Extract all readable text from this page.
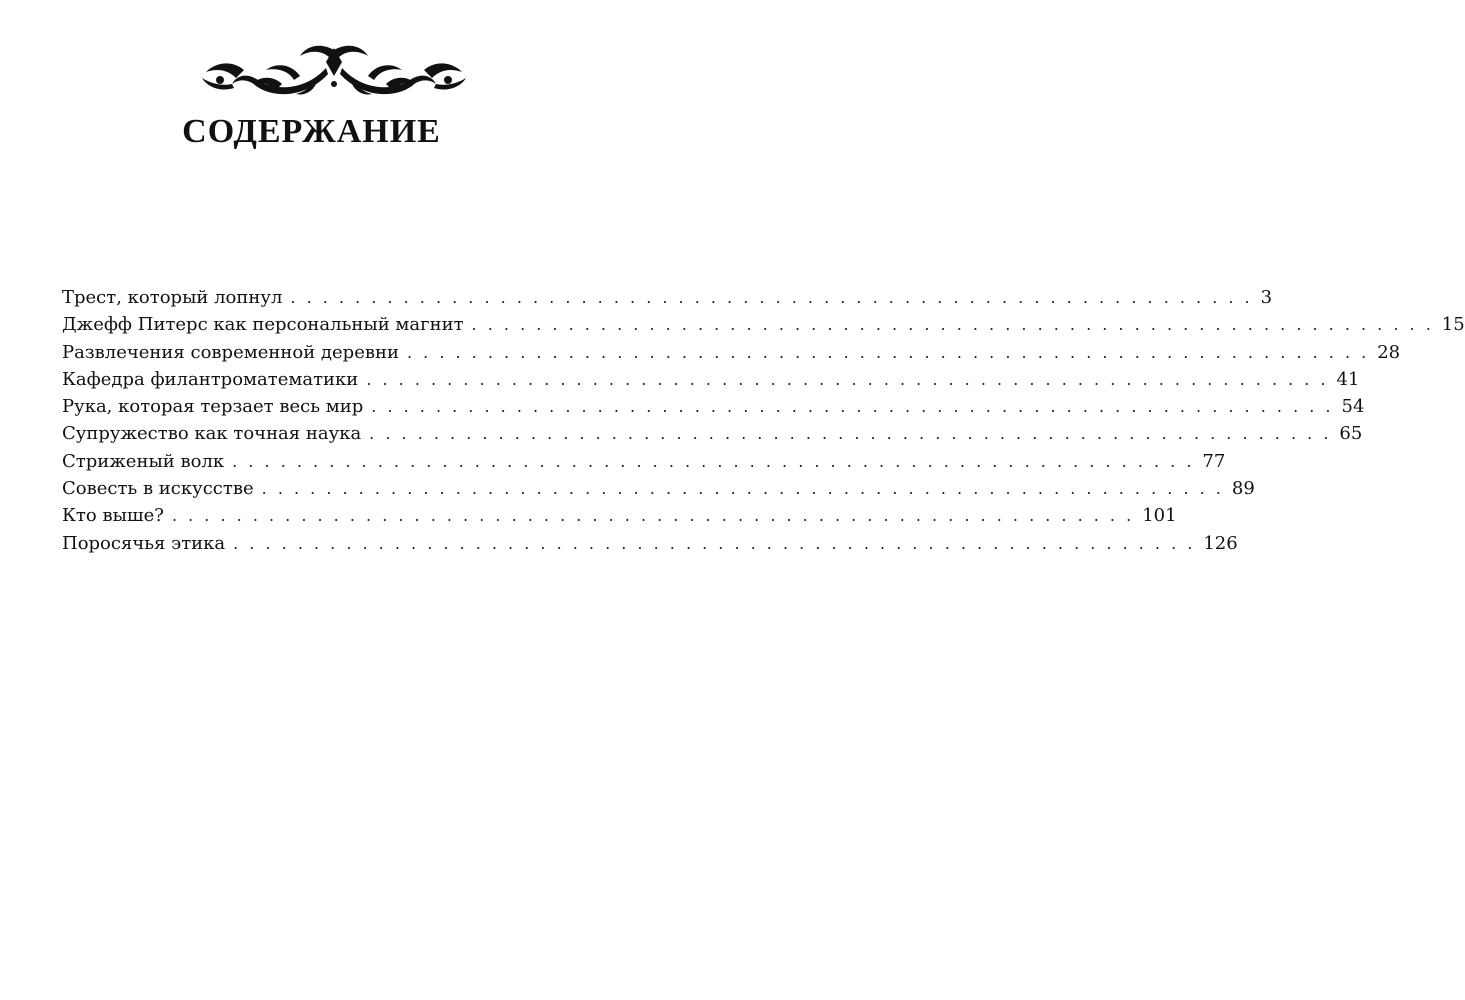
СОДЕРЖАНИЕ
Трест, который лопнул . . . . . . . . . . . . . . . . . . . . . . . . . . . . . . . . . . . . . . . . . . . . . . . . . . . . . . . . . . . . 3
Джефф Питерс как персональный магнит . . . . . . . . . . . . . . . . . . . . . . . . . . . . . . . . . . . . . . . . . . . . . . . . . . . . . . . . . . . . 15
Развлечения современной деревни . . . . . . . . . . . . . . . . . . . . . . . . . . . . . . . . . . . . . . . . . . . . . . . . . . . . . . . . . . . . 28
Кафедра филантроматематики . . . . . . . . . . . . . . . . . . . . . . . . . . . . . . . . . . . . . . . . . . . . . . . . . . . . . . . . . . . . 41
Рука, которая терзает весь мир . . . . . . . . . . . . . . . . . . . . . . . . . . . . . . . . . . . . . . . . . . . . . . . . . . . . . . . . . . . . 54
Супружество как точная наука . . . . . . . . . . . . . . . . . . . . . . . . . . . . . . . . . . . . . . . . . . . . . . . . . . . . . . . . . . . . 65
Стриженый волк . . . . . . . . . . . . . . . . . . . . . . . . . . . . . . . . . . . . . . . . . . . . . . . . . . . . . . . . . . . . 77
Совесть в искусстве . . . . . . . . . . . . . . . . . . . . . . . . . . . . . . . . . . . . . . . . . . . . . . . . . . . . . . . . . . . . 89
Кто выше? . . . . . . . . . . . . . . . . . . . . . . . . . . . . . . . . . . . . . . . . . . . . . . . . . . . . . . . . . . . . 101
Поросячья этика . . . . . . . . . . . . . . . . . . . . . . . . . . . . . . . . . . . . . . . . . . . . . . . . . . . . . . . . . . . . 126
